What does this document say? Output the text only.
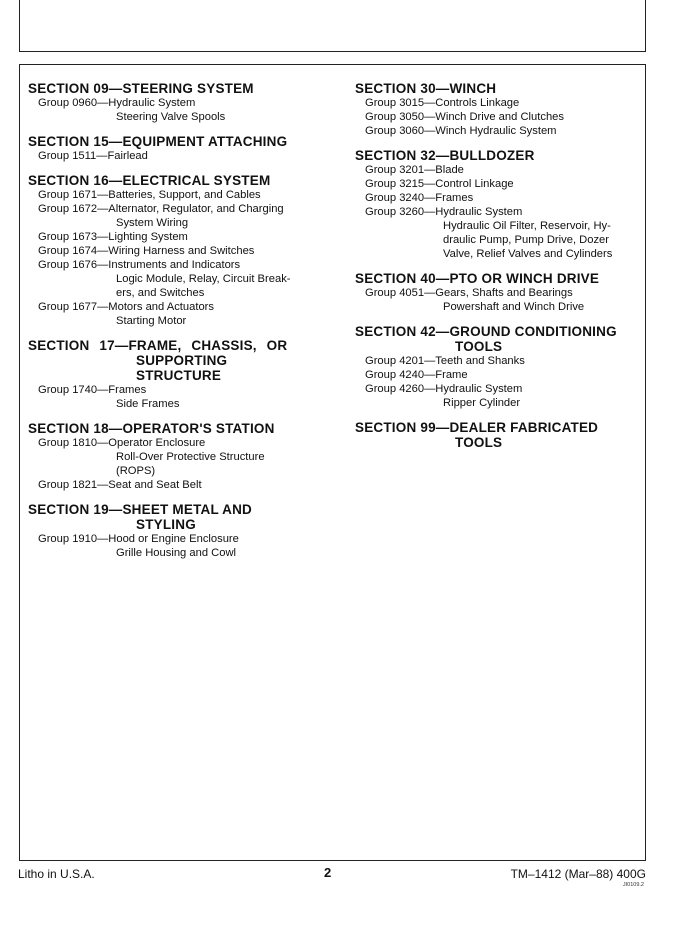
SECTION 09—STEERING SYSTEM

Group 0960—Hydraulic System
Steering Valve Spools

SECTION 15—EQUIPMENT ATTACHING

Group 1511—Fairlead

SECTION 16—ELECTRICAL SYSTEM

Group 1671—Batteries, Support, and Cables
Group 1672—Alternator, Regulator, and Charging
System Wiring
Group 1673—Lighting System
Group 1674—Wiring Harness and Switches
Group 1676—Instruments and Indicators
Logic Module, Relay, Circuit Break-
ers, and Switches
Group 1677—Motors and Actuators
Starting Motor

SECTION 17—FRAME, CHASSIS, OR
SUPPORTING
STRUCTURE

Group 1740—Frames
Side Frames

SECTION 18—OPERATOR'S STATION

Group 1810—Operator Enclosure
Roll-Over Protective Structure
(ROPS)
Group 1821—Seat and Seat Belt

SECTION 19—SHEET METAL AND
STYLING

Group 1910—Hood or Engine Enclosure
Grille Housing and Cowl

SECTION 30—WINCH

Group 3015—Controls Linkage
Group 3050—Winch Drive and Clutches
Group 3060—Winch Hydraulic System

SECTION 32—BULLDOZER

Group 3201—Blade
Group 3215—Control Linkage
Group 3240—Frames
Group 3260—Hydraulic System
Hydraulic Oil Filter, Reservoir, Hy-
draulic Pump, Pump Drive, Dozer
Valve, Relief Valves and Cylinders

SECTION 40—PTO OR WINCH DRIVE

Group 4051—Gears, Shafts and Bearings
Powershaft and Winch Drive

SECTION 42—GROUND CONDITIONING
TOOLS

Group 4201—Teeth and Shanks
Group 4240—Frame
Group 4260—Hydraulic System
Ripper Cylinder

SECTION 99—DEALER FABRICATED
TOOLS

Litho in U.S.A.	2	TM–1412 (Mar–88) 400G
JI0109.2
